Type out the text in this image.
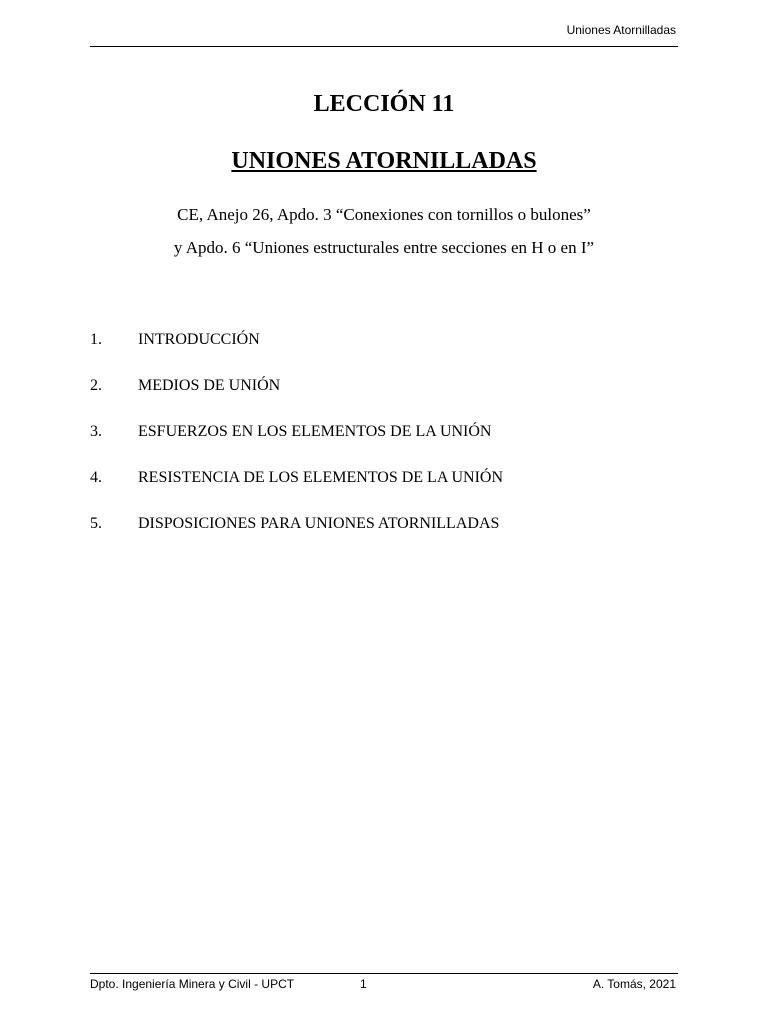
Uniones Atornilladas
LECCIÓN 11
UNIONES ATORNILLADAS
CE, Anejo 26, Apdo. 3 “Conexiones con tornillos o bulones”
y Apdo. 6 “Uniones estructurales entre secciones en H o en I”
1.	INTRODUCCIÓN
2.	MEDIOS DE UNIÓN
3.	ESFUERZOS EN LOS ELEMENTOS DE LA UNIÓN
4.	RESISTENCIA DE LOS ELEMENTOS DE LA UNIÓN
5.	DISPOSICIONES PARA UNIONES ATORNILLADAS
Dpto. Ingeniería Minera y Civil - UPCT	1	A. Tomás, 2021
